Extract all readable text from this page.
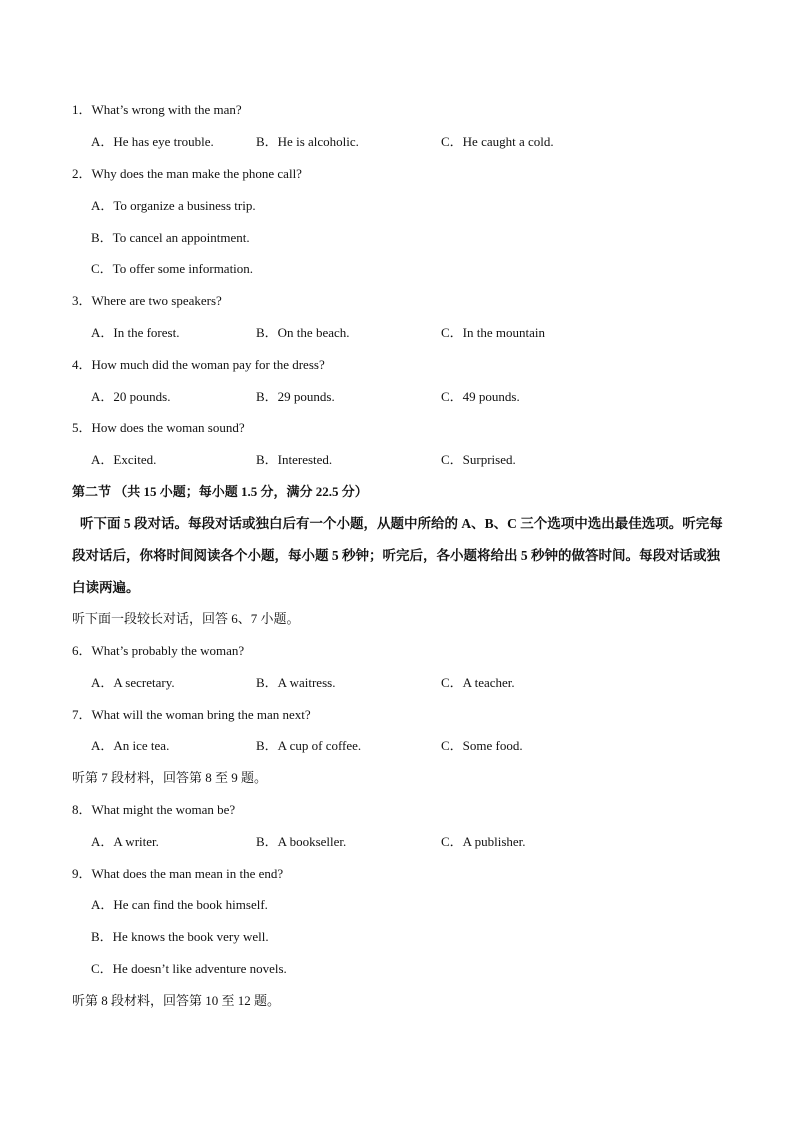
1．What’s wrong with the man?
A．He has eye trouble.	B．He is alcoholic.	C．He caught a cold.
2．Why does the man make the phone call?
A．To organize a business trip.
B．To cancel an appointment.
C．To offer some information.
3．Where are two speakers?
A．In the forest.	B．On the beach.	C．In the mountain
4．How much did the woman pay for the dress?
A．20 pounds.	B．29 pounds.	C．49 pounds.
5．How does the woman sound?
A．Excited.	B．Interested.	C．Surprised.
第二节 （共 15 小题；每小题 1.5 分，满分 22.5 分）
听下面 5 段对话。每段对话或独白后有一个小题，从题中所给的 A、B、C 三个选项中选出最佳选项。听完每段对话后，你将时间阅读各个小题，每小题 5 秒钟；听完后，各小题将给出 5 秒钟的做答时间。每段对话或独白读两遍。
听下面一段较长对话，回答 6、7 小题。
6．What’s probably the woman?
A．A secretary.	B．A waitress.	C．A teacher.
7．What will the woman bring the man next?
A．An ice tea.	B．A cup of coffee.	C．Some food.
听第 7 段材料，回答第 8 至 9 题。
8．What might the woman be?
A．A writer.	B．A bookseller.	C．A publisher.
9．What does the man mean in the end?
A．He can find the book himself.
B．He knows the book very well.
C．He doesn’t like adventure novels.
听第 8 段材料，回答第 10 至 12 题。
